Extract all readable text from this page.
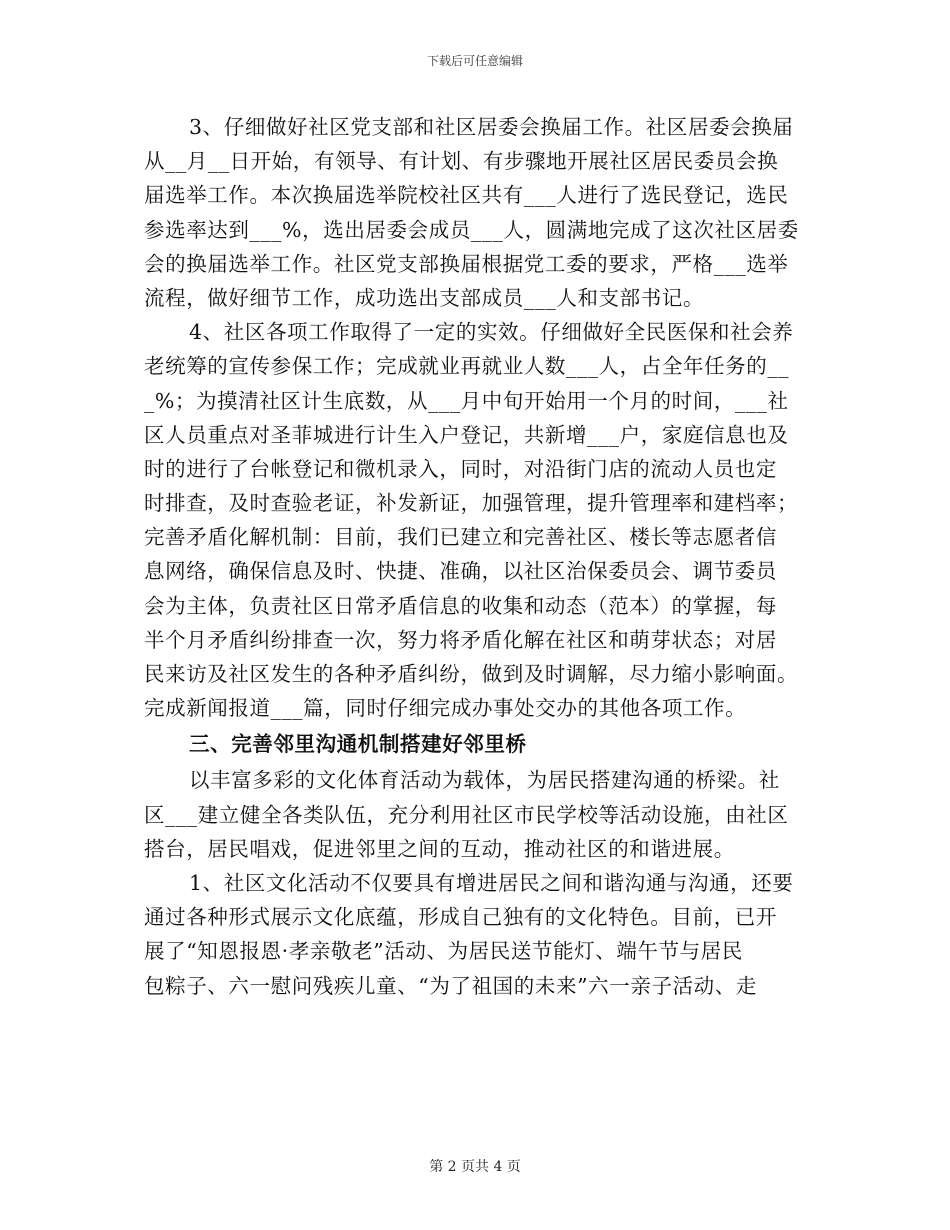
下载后可任意编辑
3、仔细做好社区党支部和社区居委会换届工作。社区居委会换届
从__月__日开始，有领导、有计划、有步骤地开展社区居民委员会换
届选举工作。本次换届选举院校社区共有___人进行了选民登记，选民
参选率达到___%，选出居委会成员___人，圆满地完成了这次社区居委
会的换届选举工作。社区党支部换届根据党工委的要求，严格___选举
流程，做好细节工作，成功选出支部成员___人和支部书记。
4、社区各项工作取得了一定的实效。仔细做好全民医保和社会养
老统筹的宣传参保工作；完成就业再就业人数___人，占全年任务的__
_%；为摸清社区计生底数，从___月中旬开始用一个月的时间，___社
区人员重点对圣菲城进行计生入户登记，共新增___户，家庭信息也及
时的进行了台帐登记和微机录入，同时，对沿街门店的流动人员也定
时排查，及时查验老证，补发新证，加强管理，提升管理率和建档率；
完善矛盾化解机制：目前，我们已建立和完善社区、楼长等志愿者信
息网络，确保信息及时、快捷、准确，以社区治保委员会、调节委员
会为主体，负责社区日常矛盾信息的收集和动态（范本）的掌握，每
半个月矛盾纠纷排查一次，努力将矛盾化解在社区和萌芽状态；对居
民来访及社区发生的各种矛盾纠纷，做到及时调解，尽力缩小影响面。
完成新闻报道___篇，同时仔细完成办事处交办的其他各项工作。
三、完善邻里沟通机制搭建好邻里桥
以丰富多彩的文化体育活动为载体，为居民搭建沟通的桥梁。社
区___建立健全各类队伍，充分利用社区市民学校等活动设施，由社区
搭台，居民唱戏，促进邻里之间的互动，推动社区的和谐进展。
1、社区文化活动不仅要具有增进居民之间和谐沟通与沟通，还要
通过各种形式展示文化底蕴，形成自己独有的文化特色。目前，已开
展了“知恩报恩·孝亲敬老”活动、为居民送节能灯、端午节与居民
包粽子、六一慰问残疾儿童、“为了祖国的未来”六一亲子活动、走
第 2 页共 4 页
